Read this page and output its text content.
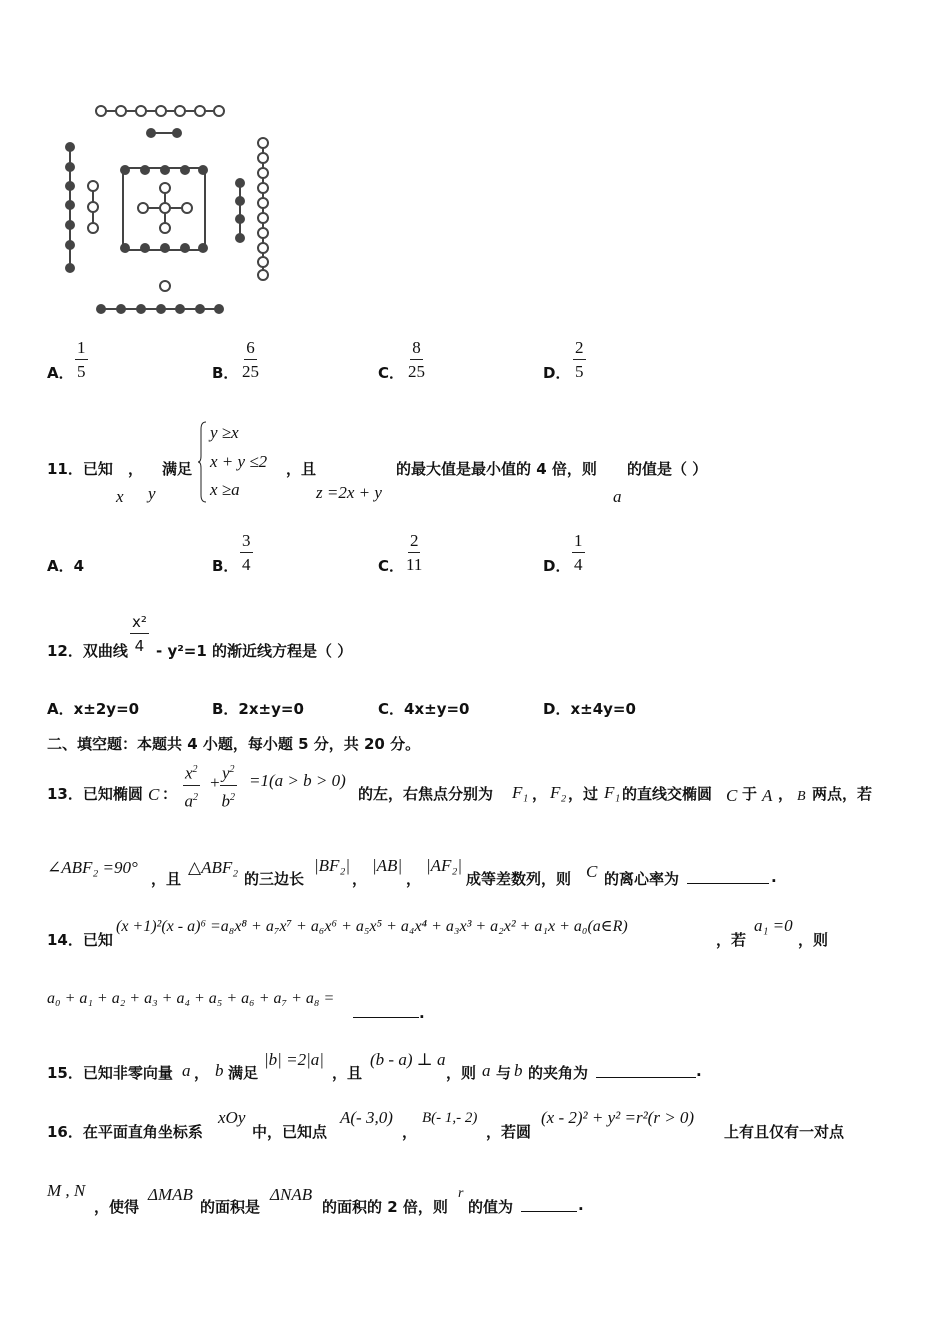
A． $\frac{1}{5}$	B． $\frac{6}{25}$	C． $\frac{8}{25}$	D． $\frac{2}{5}$
11．已知 ，
x y
满足
y ≥x
x + y ≤2
x ≥a
，且
z =2x + y
的最大值是最小值的 4 倍，则 的值是（ ）
a
A．4	B． $\frac{3}{4}$	C． $\frac{2}{11}$	D． $\frac{1}{4}$
12．双曲线 $\frac{\text{x²}}{4} - y^2=1$ 的渐近线方程是（ ）
A．x±2y=0	B．2x±y=0	C．4x±y=0	D．x±4y=0
二、填空题：本题共 4 小题，每小题 5 分，共 20 分。
13．已知椭圆 C ： $\frac{x^2}{a^2} + \frac{y^2}{b^2} =1(a > b > 0)$
的左，右焦点分别为 F₁ ， F₂ ，过 F₁ 的直线交椭圆 C 于 A ， B 两点，若
∠ABF₂ =90°
，且
△ABF₂
的三边长
|BF₂|
，
|AB|
，
|AF₂|
成等差数列，则 C 的离心率为	.
14．已知
(x +1)²(x - a)⁶ =a₈x⁸ + a₇x⁷ + a₆x⁶ + a₅x⁵ + a₄x⁴ + a₃x³ + a₂x² + a₁x + a₀(a∈R)
，若
a₁ =0
，则
a₀ + a₁ + a₂ + a₃ + a₄ + a₅ + a₆ + a₇ + a₈ =
.
15．已知非零向量 a ， b 满足
|b| =2|a|
，且
(b - a) ⊥ a
，则 a 与 b 的夹角为	.
16．在平面直角坐标系
xOy
中，已知点
A(- 3,0)
，
B(- 1,- 2)
，若圆
(x - 2)² + y² =r²(r > 0)
上有且仅有一对点
M , N
，使得
ΔMAB
的面积是
ΔNAB
的面积的 2 倍，则
r
的值为	.
